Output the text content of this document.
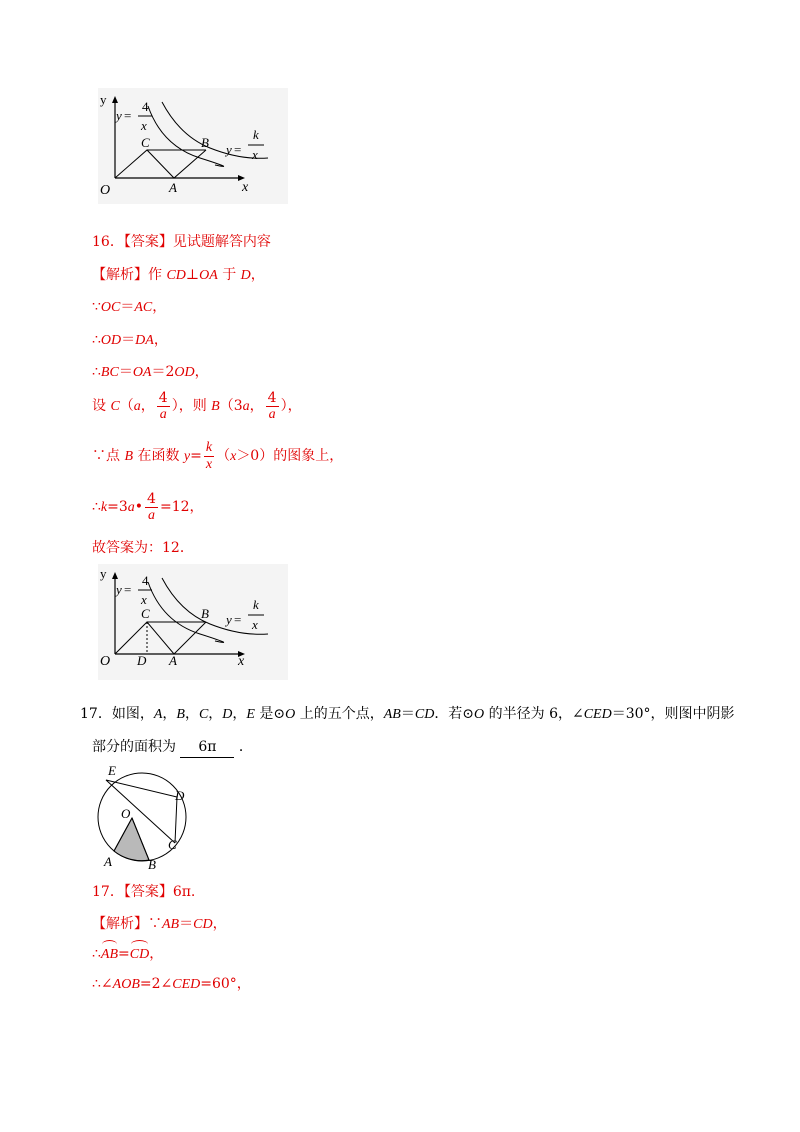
y
x
O
y =
4
x
y =
k
x
C	B
A
16．【答案】见试题解答内容
【解析】作 CD⊥OA 于 D，
∵OC＝AC，
∴OD＝DA，
∴BC＝OA＝2OD，
设 C（a， $\frac{4}{a}$ ），则 B（3a， $\frac{4}{a}$ ），
∵点 B 在函数 $y= \frac{k}{x} (x>0)$的图象上，
∴k=3a• $\frac{4}{a} =12$，
故答案为：12．
y
x
O
y =
4
x
y =
k
x
C	B
A
D
17．如图，A，B，C，D，E 是⊙O 上的五个点，AB＝CD．若⊙O 的半径为 6，∠CED＝30°，则图中阴影
部分的面积为 6π ．
E
D
O
C
A	B
17．【答案】6π.
【解析】∵AB＝CD，
∴AB=CD，
∴∠AOB=2∠CED=60°，
